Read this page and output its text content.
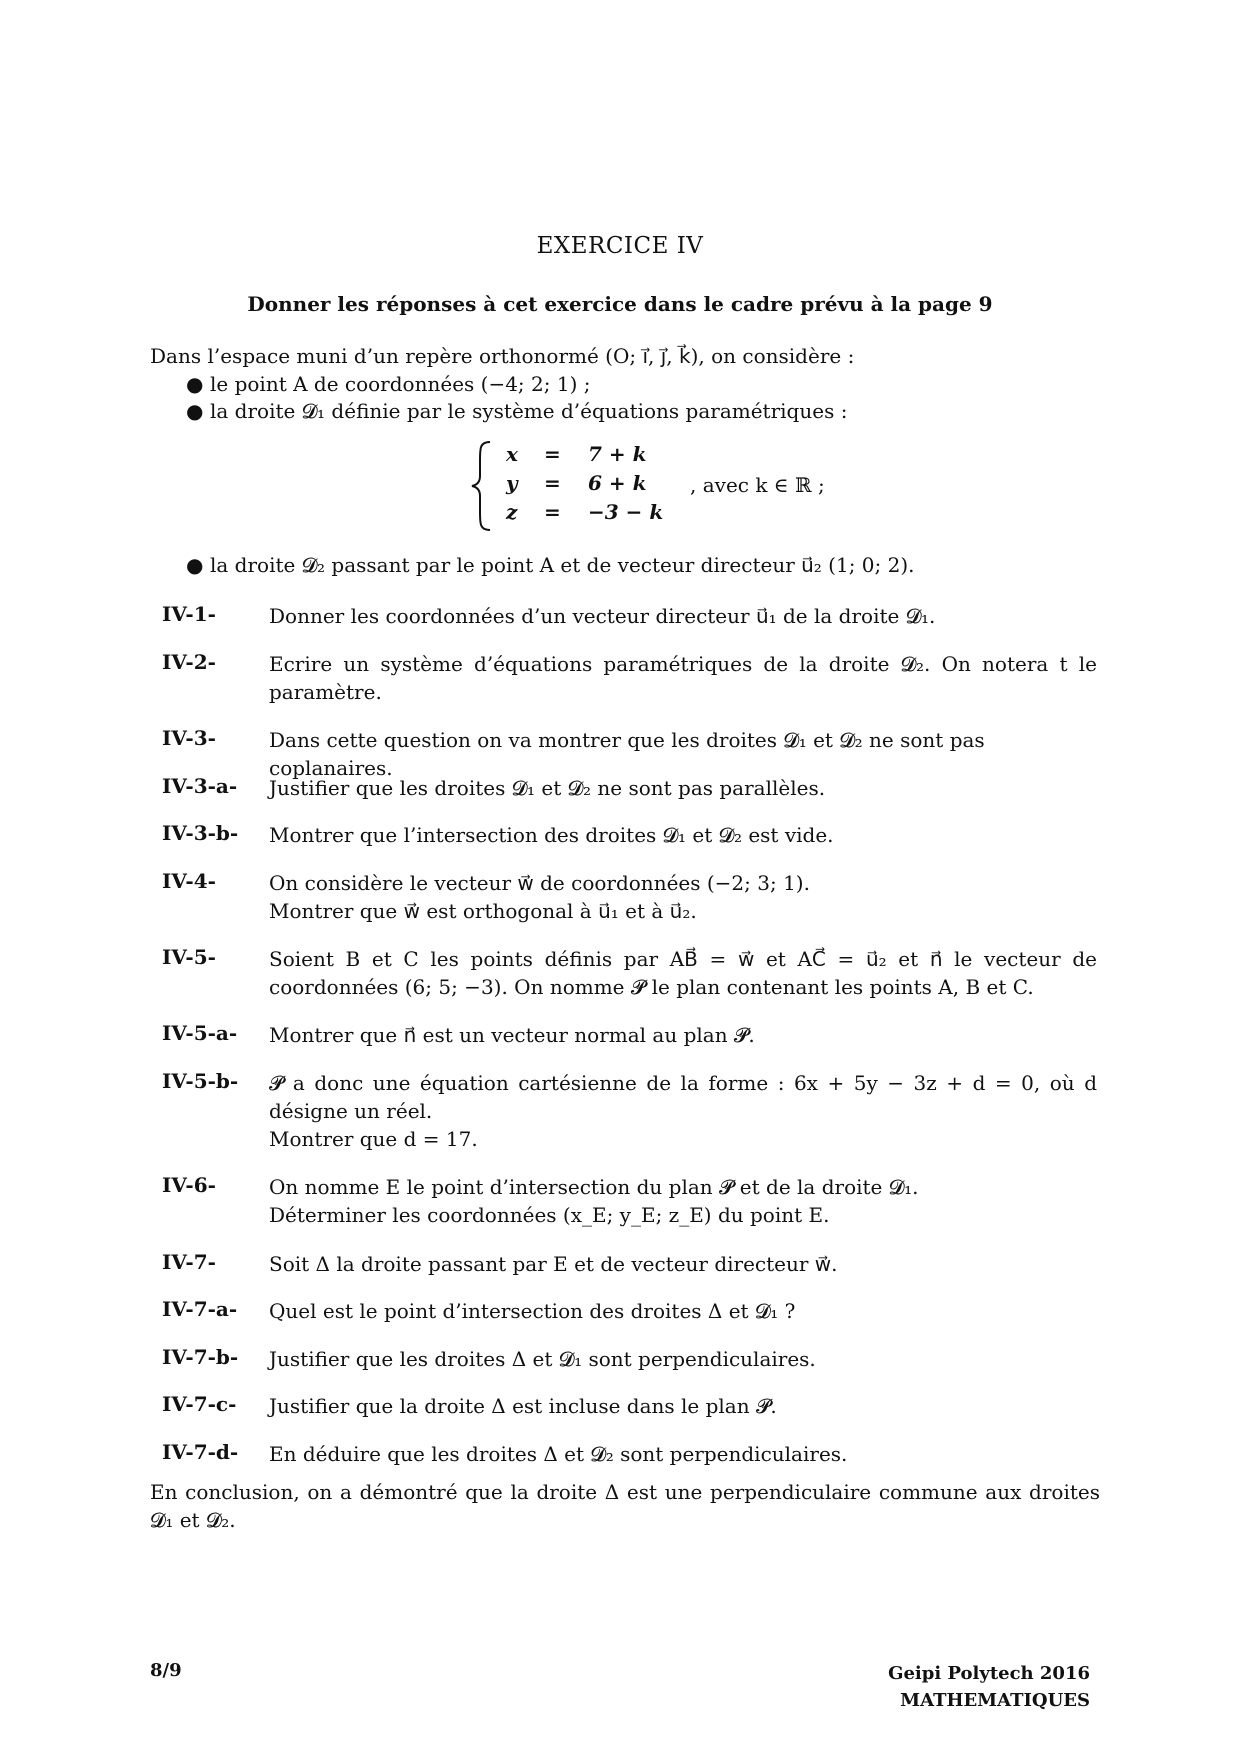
EXERCICE IV
Donner les réponses à cet exercice dans le cadre prévu à la page 9
Dans l’espace muni d’un repère orthonormé (O; i⃗, j⃗, k⃗), on considère :
● le point A de coordonnées (−4; 2; 1) ;
● la droite 𝓓₁ définie par le système d’équations paramétriques :
x = 7 + k
y = 6 + k
z = −3 − k
, avec k ∈ ℝ ;
● la droite 𝓓₂ passant par le point A et de vecteur directeur u⃗₂ (1; 0; 2).
IV-1-	Donner les coordonnées d’un vecteur directeur u⃗₁ de la droite 𝓓₁.
IV-2-	Ecrire un système d’équations paramétriques de la droite 𝓓₂. On notera t le paramètre.
IV-3-	Dans cette question on va montrer que les droites 𝓓₁ et 𝓓₂ ne sont pas coplanaires.
IV-3-a- Justifier que les droites 𝓓₁ et 𝓓₂ ne sont pas parallèles.
IV-3-b- Montrer que l’intersection des droites 𝓓₁ et 𝓓₂ est vide.
IV-4-	On considère le vecteur w⃗ de coordonnées (−2; 3; 1).
Montrer que w⃗ est orthogonal à u⃗₁ et à u⃗₂.
IV-5-	Soient B et C les points définis par AB⃗ = w⃗ et AC⃗ = u⃗₂ et n⃗ le vecteur de coordonnées (6; 5; −3). On nomme 𝓟 le plan contenant les points A, B et C.
IV-5-a- Montrer que n⃗ est un vecteur normal au plan 𝓟.
IV-5-b- 𝓟 a donc une équation cartésienne de la forme : 6x + 5y − 3z + d = 0, où d désigne un réel.
Montrer que d = 17.
IV-6-	On nomme E le point d’intersection du plan 𝓟 et de la droite 𝓓₁.
Déterminer les coordonnées (x_E; y_E; z_E) du point E.
IV-7-	Soit Δ la droite passant par E et de vecteur directeur w⃗.
IV-7-a- Quel est le point d’intersection des droites Δ et 𝓓₁ ?
IV-7-b- Justifier que les droites Δ et 𝓓₁ sont perpendiculaires.
IV-7-c- Justifier que la droite Δ est incluse dans le plan 𝓟.
IV-7-d- En déduire que les droites Δ et 𝓓₂ sont perpendiculaires.
En conclusion, on a démontré que la droite Δ est une perpendiculaire commune aux droites 𝓓₁ et 𝓓₂.
8/9	Geipi Polytech 2016
MATHEMATIQUES
